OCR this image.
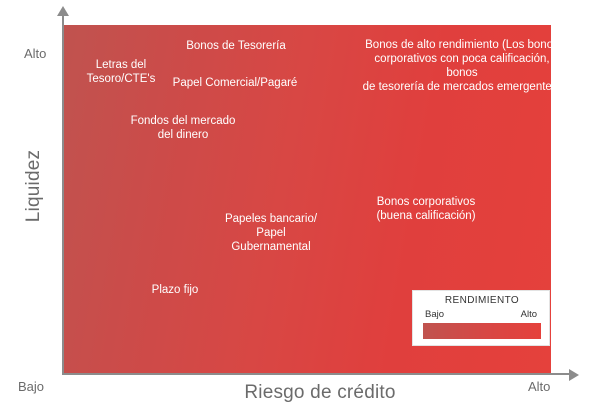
Liquidez
Riesgo de crédito
Alto
Bajo	Alto
Letras del
Tesoro/CTE's
Bonos de Tesorería
Papel Comercial/Pagaré
Bonos de alto rendimiento (Los bonos
corporativos con poca calificación, bonos
de tesorería de mercados emergentes)
Fondos del mercado
del dinero
Bonos corporativos
(buena calificación)
Papeles bancario/
Papel
Gubernamental
Plazo fijo
RENDIMIENTO
Bajo	Alto
